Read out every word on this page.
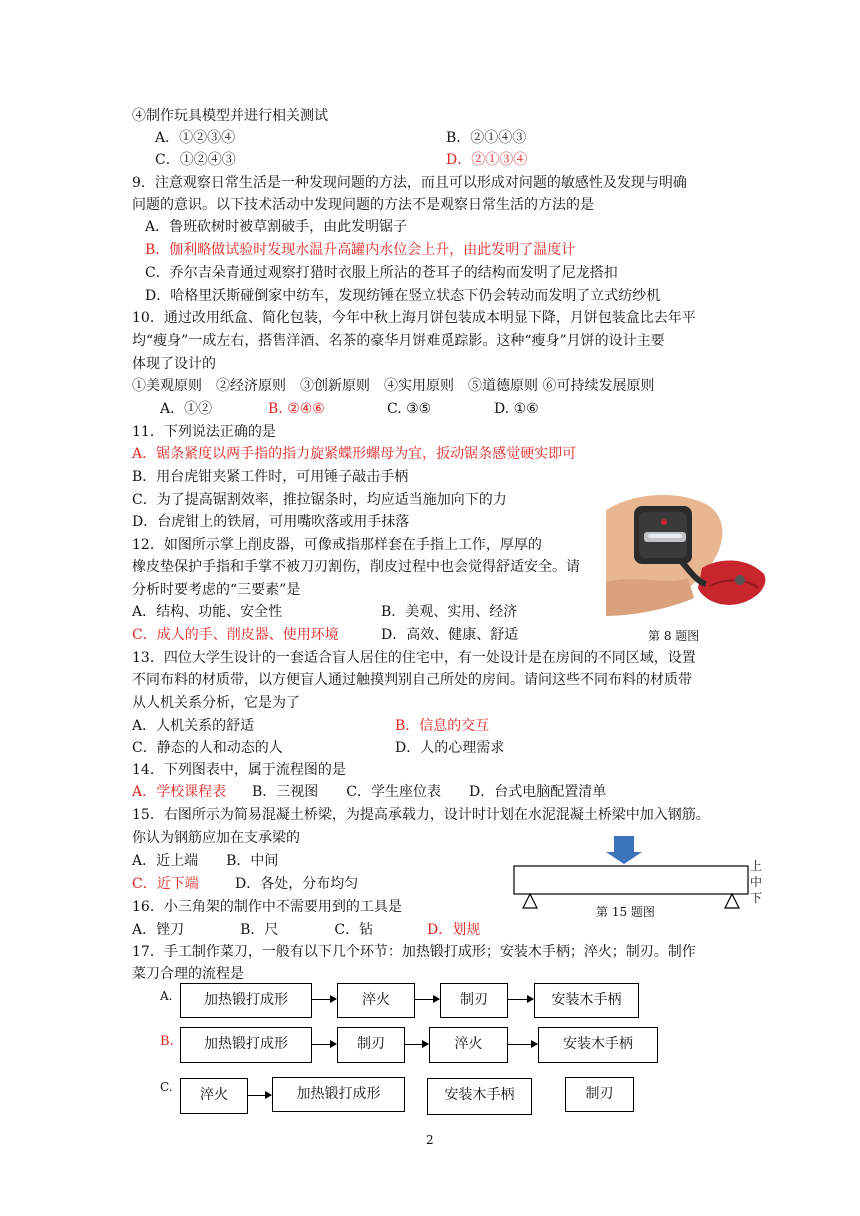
④制作玩具模型并进行相关测试
A．①②③④	B．②①④③
C．①②④③	D．②①③④
9．注意观察日常生活是一种发现问题的方法，而且可以形成对问题的敏感性及发现与明确
问题的意识。以下技术活动中发现问题的方法不是观察日常生活的方法的是
A．鲁班砍树时被草割破手，由此发明锯子
B．伽利略做试验时发现水温升高罐内水位会上升，由此发明了温度计
C．乔尔吉朵青通过观察打猎时衣服上所沾的苍耳子的结构而发明了尼龙搭扣
D．哈格里沃斯碰倒家中纺车，发现纺锤在竖立状态下仍会转动而发明了立式纺纱机
10．通过改用纸盒、简化包装，今年中秋上海月饼包装成本明显下降，月饼包装盒比去年平
均“瘦身”一成左右，搭售洋酒、名茶的豪华月饼难觅踪影。这种“瘦身”月饼的设计主要
体现了设计的
①美观原则　②经济原则　③创新原则　④实用原则　⑤道德原则 ⑥可持续发展原则
A．①②	B. ②④⑥	C. ③⑤	D. ①⑥
11．下列说法正确的是
A．锯条紧度以两手指的指力旋紧蝶形螺母为宜，扳动锯条感觉硬实即可
B．用台虎钳夹紧工件时，可用锤子敲击手柄
C．为了提高锯割效率，推拉锯条时，均应适当施加向下的力
D．台虎钳上的铁屑，可用嘴吹落或用手抹落
12．如图所示掌上削皮器，可像戒指那样套在手指上工作，厚厚的
橡皮垫保护手指和手掌不被刀刃割伤，削皮过程中也会觉得舒适安全。请
分析时要考虑的“三要素”是
A．结构、功能、安全性	B．美观、实用、经济
C．成人的手、削皮器、使用环境	D．高效、健康、舒适	第 8 题图
13．四位大学生设计的一套适合盲人居住的住宅中，有一处设计是在房间的不同区域，设置
不同布料的材质带，以方便盲人通过触摸判别自己所处的房间。请问这些不同布料的材质带
从人机关系分析，它是为了
A．人机关系的舒适	B．信息的交互
C．静态的人和动态的人	D．人的心理需求
14．下列图表中，属于流程图的是
A．学校课程表 　B．三视图　　C．学生座位表　　D．台式电脑配置清单
15．右图所示为简易混凝土桥梁，为提高承载力，设计时计划在水泥混凝土桥梁中加入钢筋。
你认为钢筋应加在支承梁的
A．近上端　　B．中间
C．近下端	D．各处，分布均匀
上
中
下
第 15 题图
16．小三角架的制作中不需要用到的工具是
A．锉刀　　　　B．尺　　　　C．钻	D．划规
17．手工制作菜刀，一般有以下几个环节：加热锻打成形；安装木手柄；淬火；制刃。制作
菜刀合理的流程是
A.	加热锻打成形	淬火	制刃	安装木手柄
B.	加热锻打成形	制刃	淬火	安装木手柄
C.	淬火	加热锻打成形	安装木手柄	制刃
2
